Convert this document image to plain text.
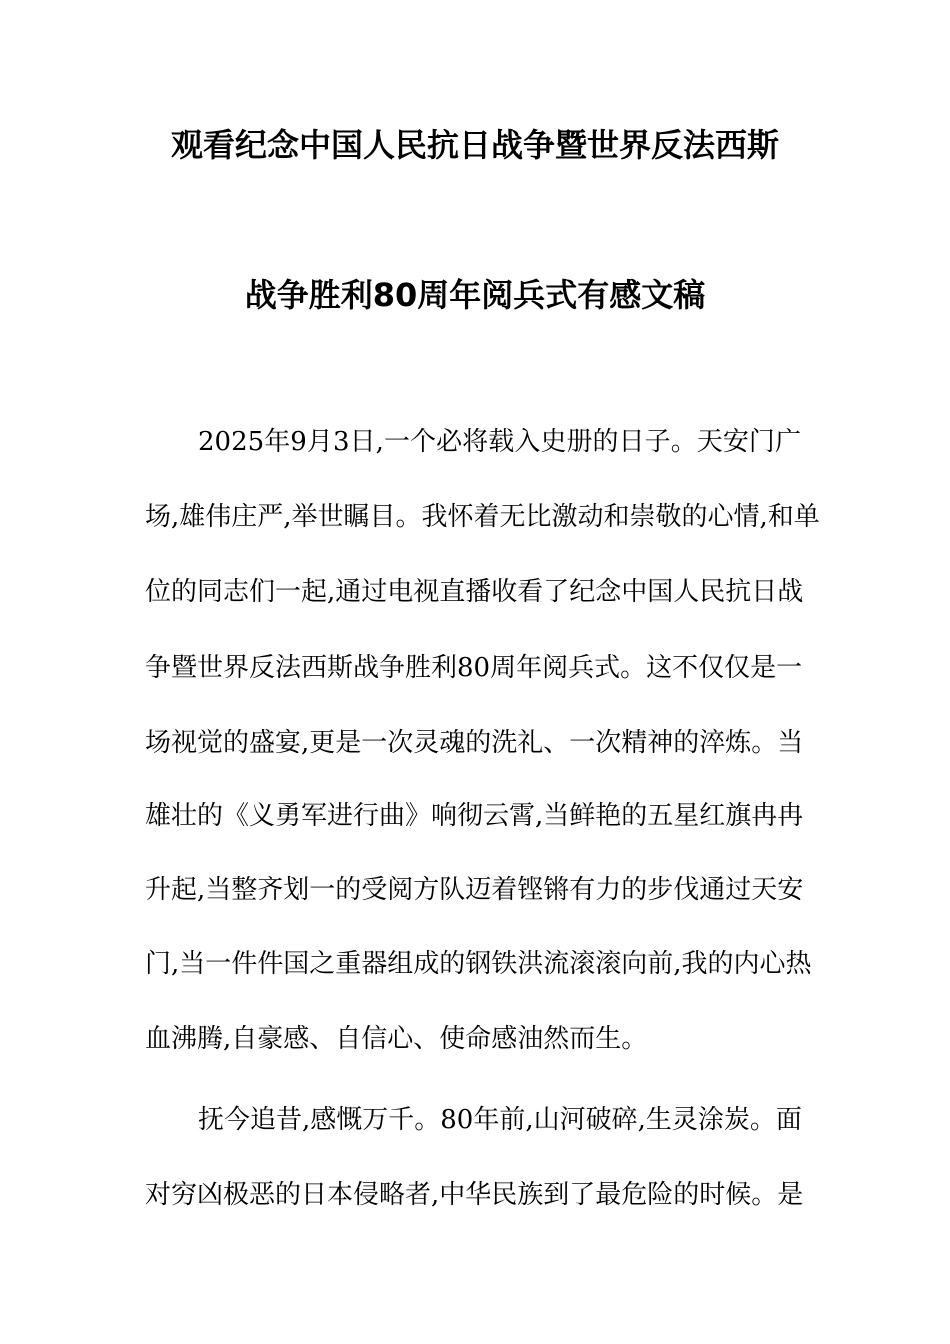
观看纪念中国人民抗日战争暨世界反法西斯
战争胜利80周年阅兵式有感文稿
2025年9月3日,一个必将载入史册的日子。天安门广
场,雄伟庄严,举世瞩目。我怀着无比激动和崇敬的心情,和单
位的同志们一起,通过电视直播收看了纪念中国人民抗日战
争暨世界反法西斯战争胜利80周年阅兵式。这不仅仅是一
场视觉的盛宴,更是一次灵魂的洗礼、一次精神的淬炼。当
雄壮的《义勇军进行曲》响彻云霄,当鲜艳的五星红旗冉冉
升起,当整齐划一的受阅方队迈着铿锵有力的步伐通过天安
门,当一件件国之重器组成的钢铁洪流滚滚向前,我的内心热
血沸腾,自豪感、自信心、使命感油然而生。
抚今追昔,感慨万千。80年前,山河破碎,生灵涂炭。面
对穷凶极恶的日本侵略者,中华民族到了最危险的时候。是
